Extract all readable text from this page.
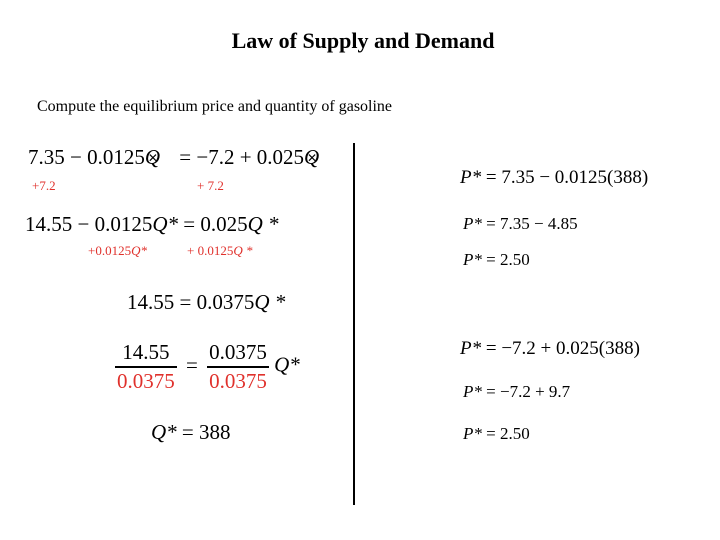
Law of Supply and Demand
Compute the equilibrium price and quantity of gasoline
7.35 − 0.0125Q ✕ = −7.2 + 0.025Q ✕
+7.2	+ 7.2
14.55 − 0.0125Q* = 0.025Q *
+0.0125Q*	+ 0.0125Q *
14.55 = 0.0375Q *
$\frac{14.55}{0.0375} = \frac{0.0375}{0.0375} Q*$
Q* = 388
P* = 7.35 − 0.0125(388)
P* = 7.35 − 4.85
P* = 2.50
P* = −7.2 + 0.025(388)
P* = −7.2 + 9.7
P* = 2.50
